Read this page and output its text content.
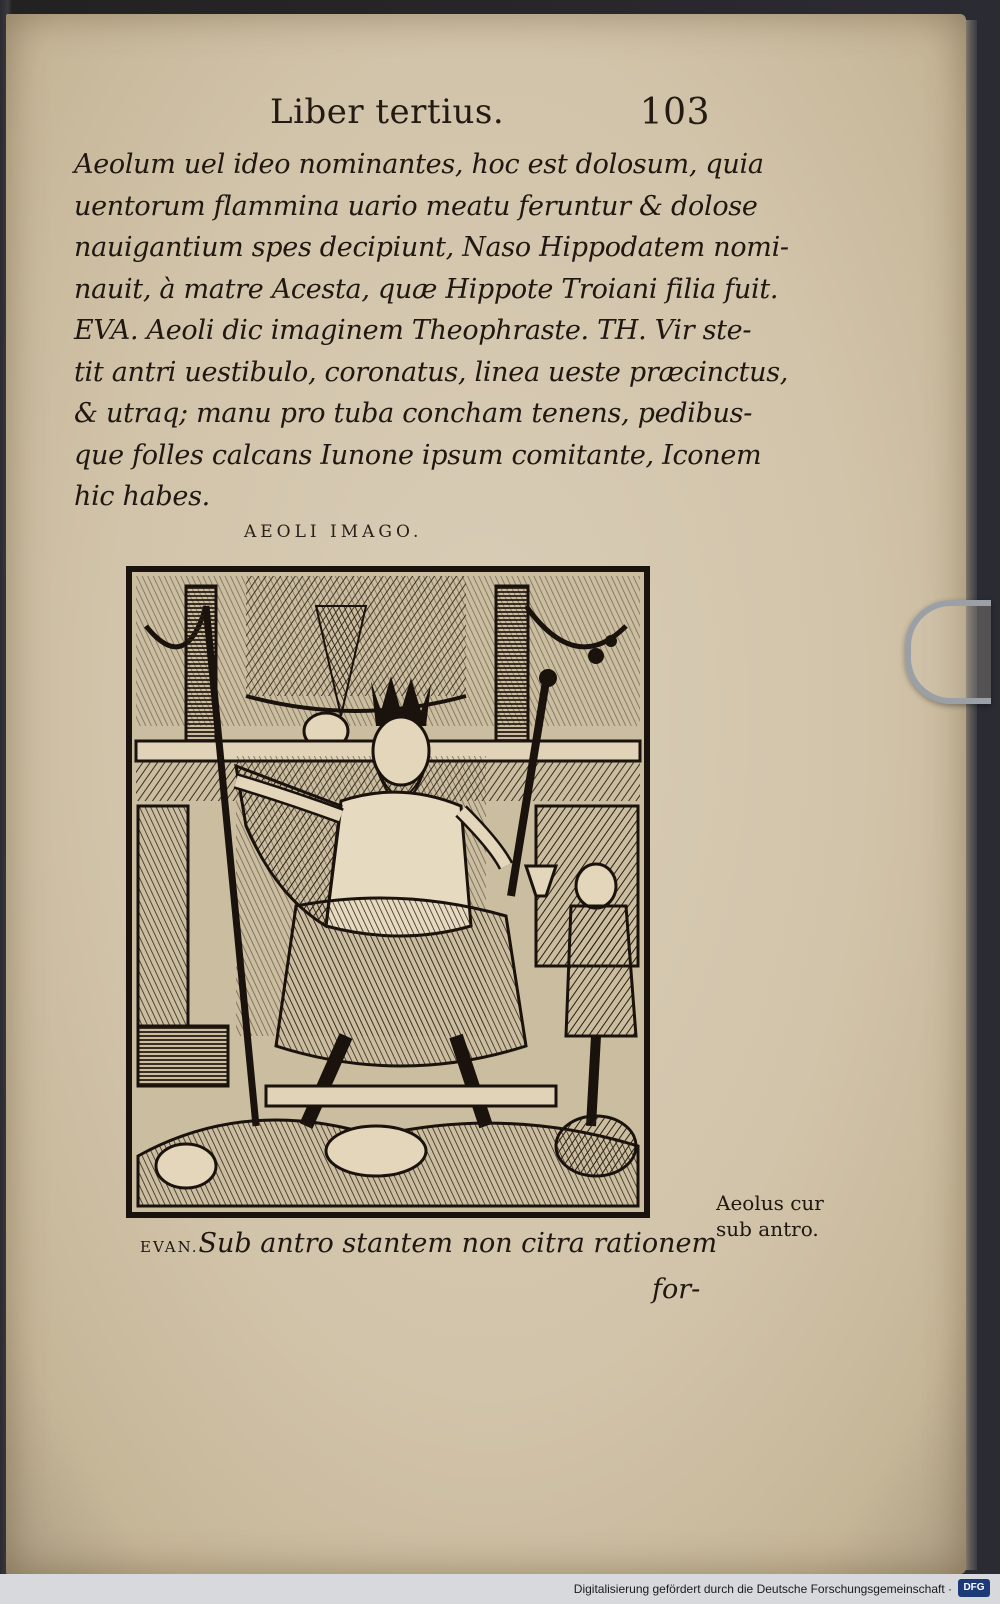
Liber tertius.	103
Aeolum uel ideo nominantes, hoc est dolosum, quia
uentorum flammina uario meatu feruntur & dolose
nauigantium spes decipiunt, Naso Hippodatem nomi-
nauit, à matre Acesta, quæ Hippote Troiani filia fuit.
EVA. Aeoli dic imaginem Theophraste. TH. Vir ste-
tit antri uestibulo, coronatus, linea ueste præcinctus,
& utraq; manu pro tuba concham tenens, pedibus-
que folles calcans Iunone ipsum comitante, Iconem
hic habes.
AEOLI IMAGO.
EVAN.Sub antro stantem non citra rationem
for-
Aeolus cur
sub antro.
Digitalisierung gefördert durch die Deutsche Forschungsgemeinschaft ·	DFG
